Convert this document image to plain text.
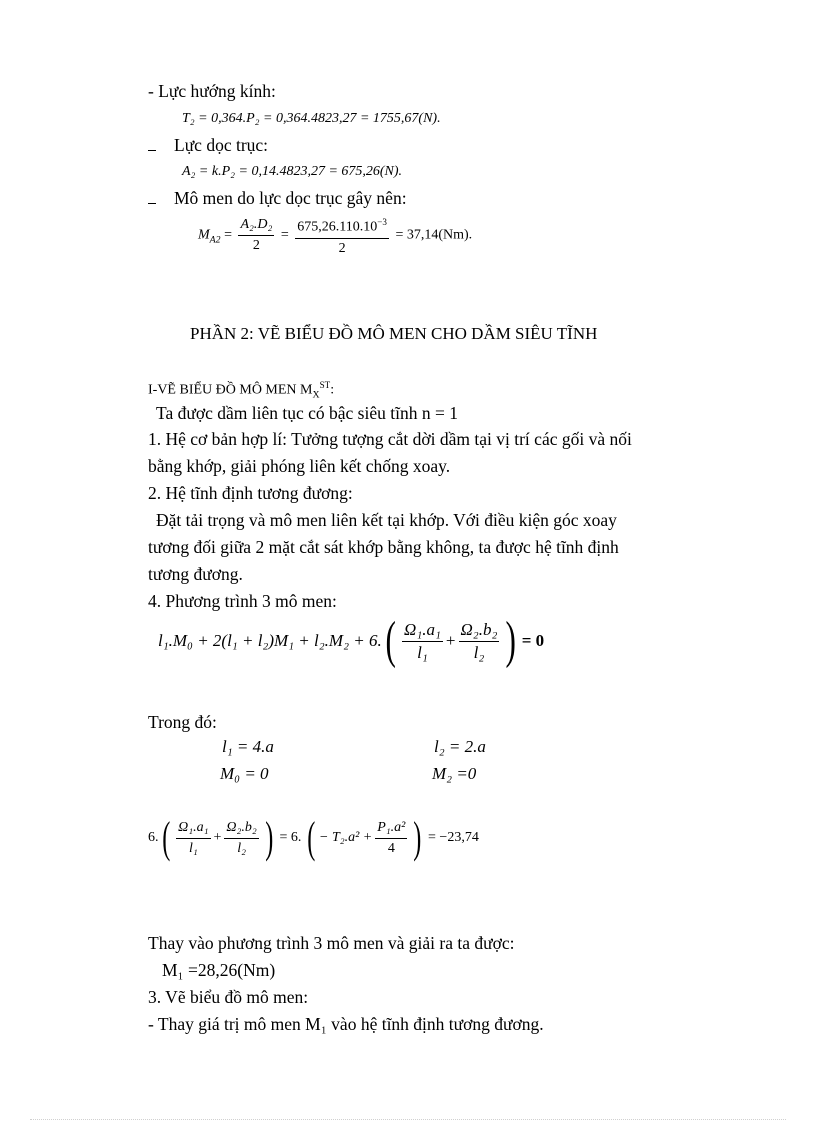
- Lực hướng kính:
T₂ = 0,364.P₂ = 0,364.4823,27 = 1755,67(N).
Lực dọc trục:
A₂ = k.P₂ = 0,14.4823,27 = 675,26(N).
Mô men do lực dọc trục gây nên:
$M_{A2} = \frac{\text{A₂.D₂}}{2} = \frac{675,26.110.10^{-3}}{2} = 37,14(Nm)$.
PHẦN 2: VẼ BIỂU ĐỒ MÔ MEN CHO DẦM SIÊU TĨNH
I-VẼ BIỂU ĐỒ MÔ MEN $M_XST$:
Ta được dầm liên tục có bậc siêu tĩnh n = 1
1. Hệ cơ bản hợp lí: Tưởng tượng cắt dời dầm tại vị trí các gối và nối
bằng khớp, giải phóng liên kết chống xoay.
2. Hệ tĩnh định tương đương:
Đặt tải trọng và mô men liên kết tại khớp. Với điều kiện góc xoay
tương đối giữa 2 mặt cắt sát khớp bằng không, ta được hệ tĩnh định
tương đương.
4. Phương trình 3 mô men:
l₁.M₀ + 2(l₁ + l₂)M₁ + l₂.M₂ + 6. ( $\frac{\text{Ω₁.a₁}}{\text{l₁}} + \frac{\text{Ω₂.b₂}}{\text{l₂}}$ ) = 0
Trong đó:
l₁ = 4.a	l₂ = 2.a
M₀ = 0	M₂ =0
6. ( $\frac{\text{Ω₁.a₁}}{\text{l₁}} + \frac{\text{Ω₂.b₂}}{\text{l₂}}$ ) = 6. ( − $T_2.a^2 + \frac{\text{P₁.a²}}{4}$ ) = −23,74
Thay vào phương trình 3 mô men và giải ra ta được:
M₁ =28,26(Nm)
3. Vẽ biểu đồ mô men:
- Thay giá trị mô men M₁ vào hệ tĩnh định tương đương.
